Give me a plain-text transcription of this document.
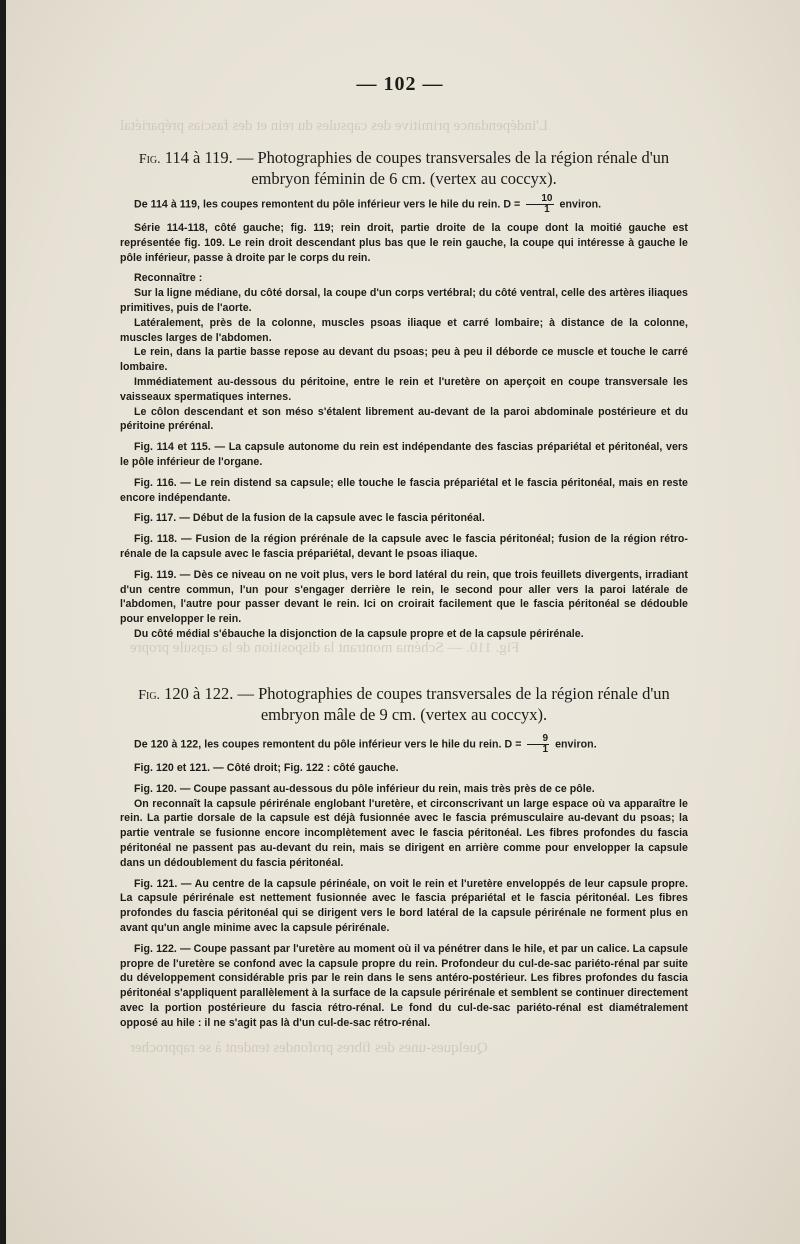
L'indépendance primitive des capsules du rein et des fascias prépariétal
Fig. 110. — Schéma montrant la disposition de la capsule propre
Quelques-unes des fibres profondes tendent à se rapprocher
— 102 —

Fig. 114 à 119. — Photographies de coupes transversales de la région rénale d'un embryon féminin de 6 cm. (vertex au coccyx).

De 114 à 119, les coupes remontent du pôle inférieur vers le hile du rein. $D = \frac{10}{1}$ environ.

Série 114-118, côté gauche; fig. 119; rein droit, partie droite de la coupe dont la moitié gauche est représentée fig. 109. Le rein droit descendant plus bas que le rein gauche, la coupe qui intéresse à gauche le pôle inférieur, passe à droite par le corps du rein.

Reconnaître :

Sur la ligne médiane, du côté dorsal, la coupe d'un corps vertébral; du côté ventral, celle des artères iliaques primitives, puis de l'aorte.

Latéralement, près de la colonne, muscles psoas iliaque et carré lombaire; à distance de la colonne, muscles larges de l'abdomen.

Le rein, dans la partie basse repose au devant du psoas; peu à peu il déborde ce muscle et touche le carré lombaire.

Immédiatement au-dessous du péritoine, entre le rein et l'uretère on aperçoit en coupe transversale les vaisseaux spermatiques internes.

Le côlon descendant et son méso s'étalent librement au-devant de la paroi abdominale postérieure et du péritoine prérénal.

Fig. 114 et 115. — La capsule autonome du rein est indépendante des fascias prépariétal et péritonéal, vers le pôle inférieur de l'organe.

Fig. 116. — Le rein distend sa capsule; elle touche le fascia prépariétal et le fascia péritonéal, mais en reste encore indépendante.

Fig. 117. — Début de la fusion de la capsule avec le fascia péritonéal.

Fig. 118. — Fusion de la région prérénale de la capsule avec le fascia péritonéal; fusion de la région rétro-rénale de la capsule avec le fascia prépariétal, devant le psoas iliaque.

Fig. 119. — Dès ce niveau on ne voit plus, vers le bord latéral du rein, que trois feuillets divergents, irradiant d'un centre commun, l'un pour s'engager derrière le rein, le second pour aller vers la paroi latérale de l'abdomen, l'autre pour passer devant le rein. Ici on croirait facilement que le fascia péritonéal se dédouble pour envelopper le rein.

Du côté médial s'ébauche la disjonction de la capsule propre et de la capsule périrénale.

Fig. 120 à 122. — Photographies de coupes transversales de la région rénale d'un embryon mâle de 9 cm. (vertex au coccyx).

De 120 à 122, les coupes remontent du pôle inférieur vers le hile du rein. $D = \frac{9}{1}$ environ.

Fig. 120 et 121. — Côté droit; Fig. 122 : côté gauche.

Fig. 120. — Coupe passant au-dessous du pôle inférieur du rein, mais très près de ce pôle.

On reconnaît la capsule périrénale englobant l'uretère, et circonscrivant un large espace où va apparaître le rein. La partie dorsale de la capsule est déjà fusionnée avec le fascia prémusculaire au-devant du psoas; la partie ventrale se fusionne encore incomplètement avec le fascia péritonéal. Les fibres profondes du fascia péritonéal ne passent pas au-devant du rein, mais se dirigent en arrière comme pour envelopper la capsule dans un dédoublement du fascia péritonéal.

Fig. 121. — Au centre de la capsule périnéale, on voit le rein et l'uretère enveloppés de leur capsule propre. La capsule périrénale est nettement fusionnée avec le fascia prépariétal et le fascia péritonéal. Les fibres profondes du fascia péritonéal qui se dirigent vers le bord latéral de la capsule périrénale ne forment plus en avant qu'un angle minime avec la capsule périrénale.

Fig. 122. — Coupe passant par l'uretère au moment où il va pénétrer dans le hile, et par un calice. La capsule propre de l'uretère se confond avec la capsule propre du rein. Profondeur du cul-de-sac pariéto-rénal par suite du développement considérable pris par le rein dans le sens antéro-postérieur. Les fibres profondes du fascia péritonéal s'appliquent parallèlement à la surface de la capsule périrénale et semblent se continuer directement avec la portion postérieure du fascia rétro-rénal. Le fond du cul-de-sac pariéto-rénal est diamétralement opposé au hile : il ne s'agit pas là d'un cul-de-sac rétro-rénal.
